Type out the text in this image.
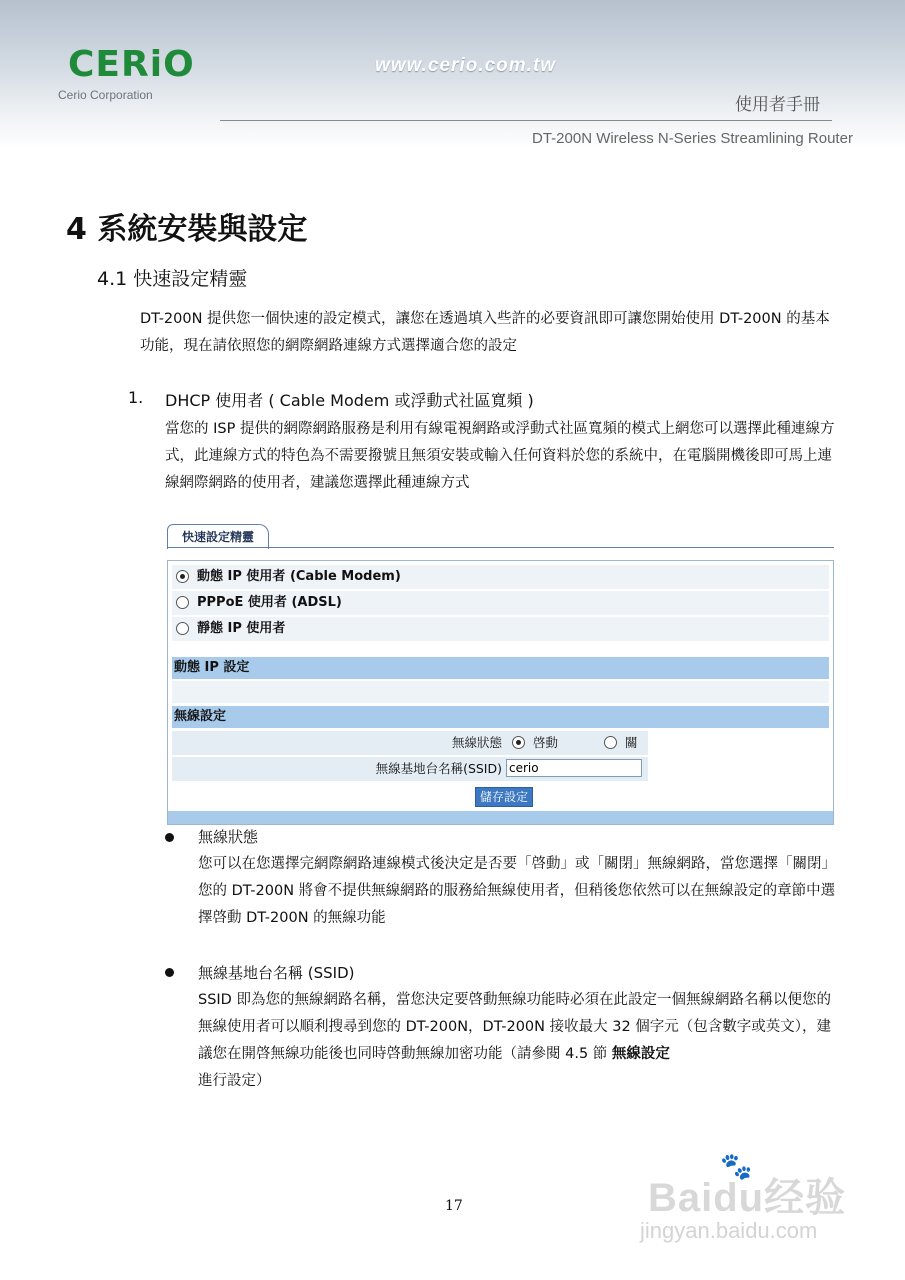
CERiO
Cerio Corporation
www.cerio.com.tw
使用者手冊
DT-200N Wireless N-Series Streamlining Router
4 系統安裝與設定
4.1 快速設定精靈
DT-200N 提供您一個快速的設定模式，讓您在透過填入些許的必要資訊即可讓您開始使用 DT-200N 的基本功能，現在請依照您的網際網路連線方式選擇適合您的設定
1. DHCP 使用者 ( Cable Modem 或浮動式社區寬頻 )
當您的 ISP 提供的網際網路服務是利用有線電視網路或浮動式社區寬頻的模式上網您可以選擇此種連線方式，此連線方式的特色為不需要撥號且無須安裝或輸入任何資料於您的系統中，在電腦開機後即可馬上連線網際網路的使用者，建議您選擇此種連線方式
快速設定精靈
動態 IP 使用者 (Cable Modem)
PPPoE 使用者 (ADSL)
靜態 IP 使用者
動態 IP 設定
無線設定
無線狀態	啓動	關
無線基地台名稱(SSID)
cerio
儲存設定
無線狀態
您可以在您選擇完網際網路連線模式後決定是否要「啓動」或「關閉」無線網路，當您選擇「關閉」您的 DT-200N 將會不提供無線網路的服務給無線使用者，但稍後您依然可以在無線設定的章節中選擇啓動 DT-200N 的無線功能
無線基地台名稱 (SSID)
SSID 即為您的無線網路名稱，當您決定要啓動無線功能時必須在此設定一個無線網路名稱以便您的無線使用者可以順利搜尋到您的 DT-200N，DT-200N 接收最大 32 個字元（包含數字或英文），建議您在開啓無線功能後也同時啓動無線加密功能（請參閱 4.5 節 無線設定
進行設定）
17
🐾
Baidu经验
jingyan.baidu.com
